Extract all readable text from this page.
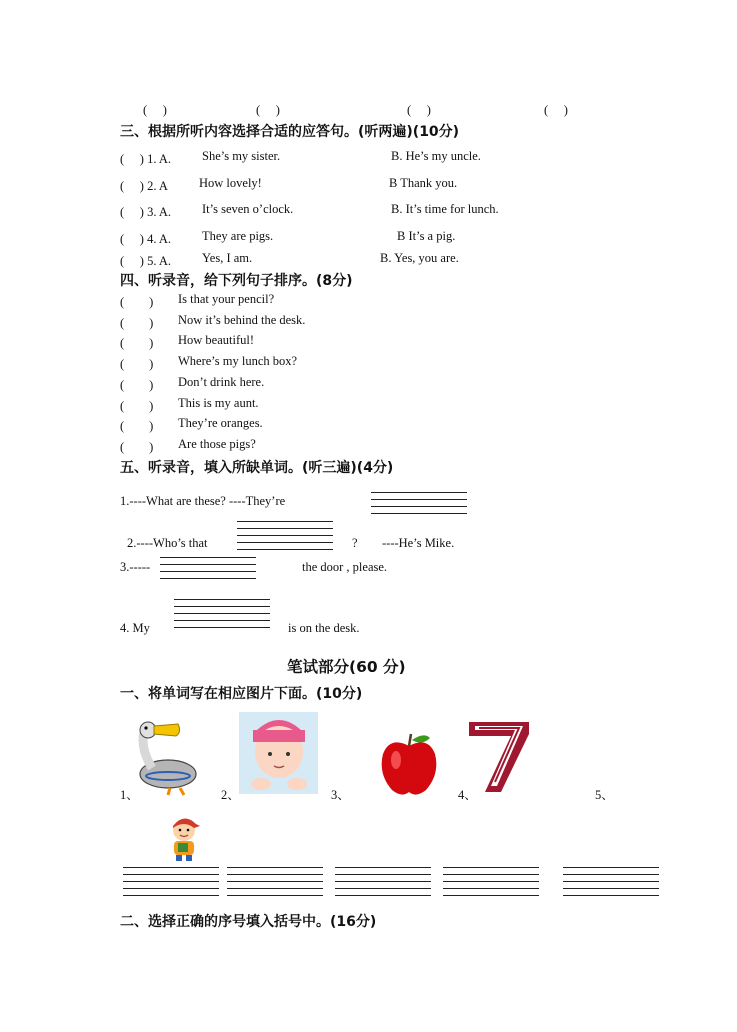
(　 )	(　 )	(　 )	(　 )
三、根据所听内容选择合适的应答句。(听两遍)(10分)
(　 ) 1. A. She’s my sister.	B. He’s my uncle.
(　 ) 2. A How lovely!	B Thank you.
(　 ) 3. A. It’s seven o’clock.	B. It’s time for lunch.
(　 ) 4. A. They are pigs.	B It’s a pig.
(　 ) 5. A. Yes, I am.	B. Yes, you are.
四、听录音，给下列句子排序。(8分)
(　　) Is that your pencil?
(　　) Now it’s behind the desk.
(　　) How beautiful!
(　　) Where’s my lunch box?
(　　) Don’t drink here.
(　　) This is my aunt.
(　　) They’re oranges.
(　　) Are those pigs?
五、听录音，填入所缺单词。(听三遍)(4分)
1.----What are these? ----They’re
2.----Who’s that	? ----He’s Mike.
3.-----	the door , please.
4. My	is on the desk.
笔试部分(60 分)
一、将单词写在相应图片下面。(10分)
1、	2、	3、	4、	5、
二、选择正确的序号填入括号中。(16分)
